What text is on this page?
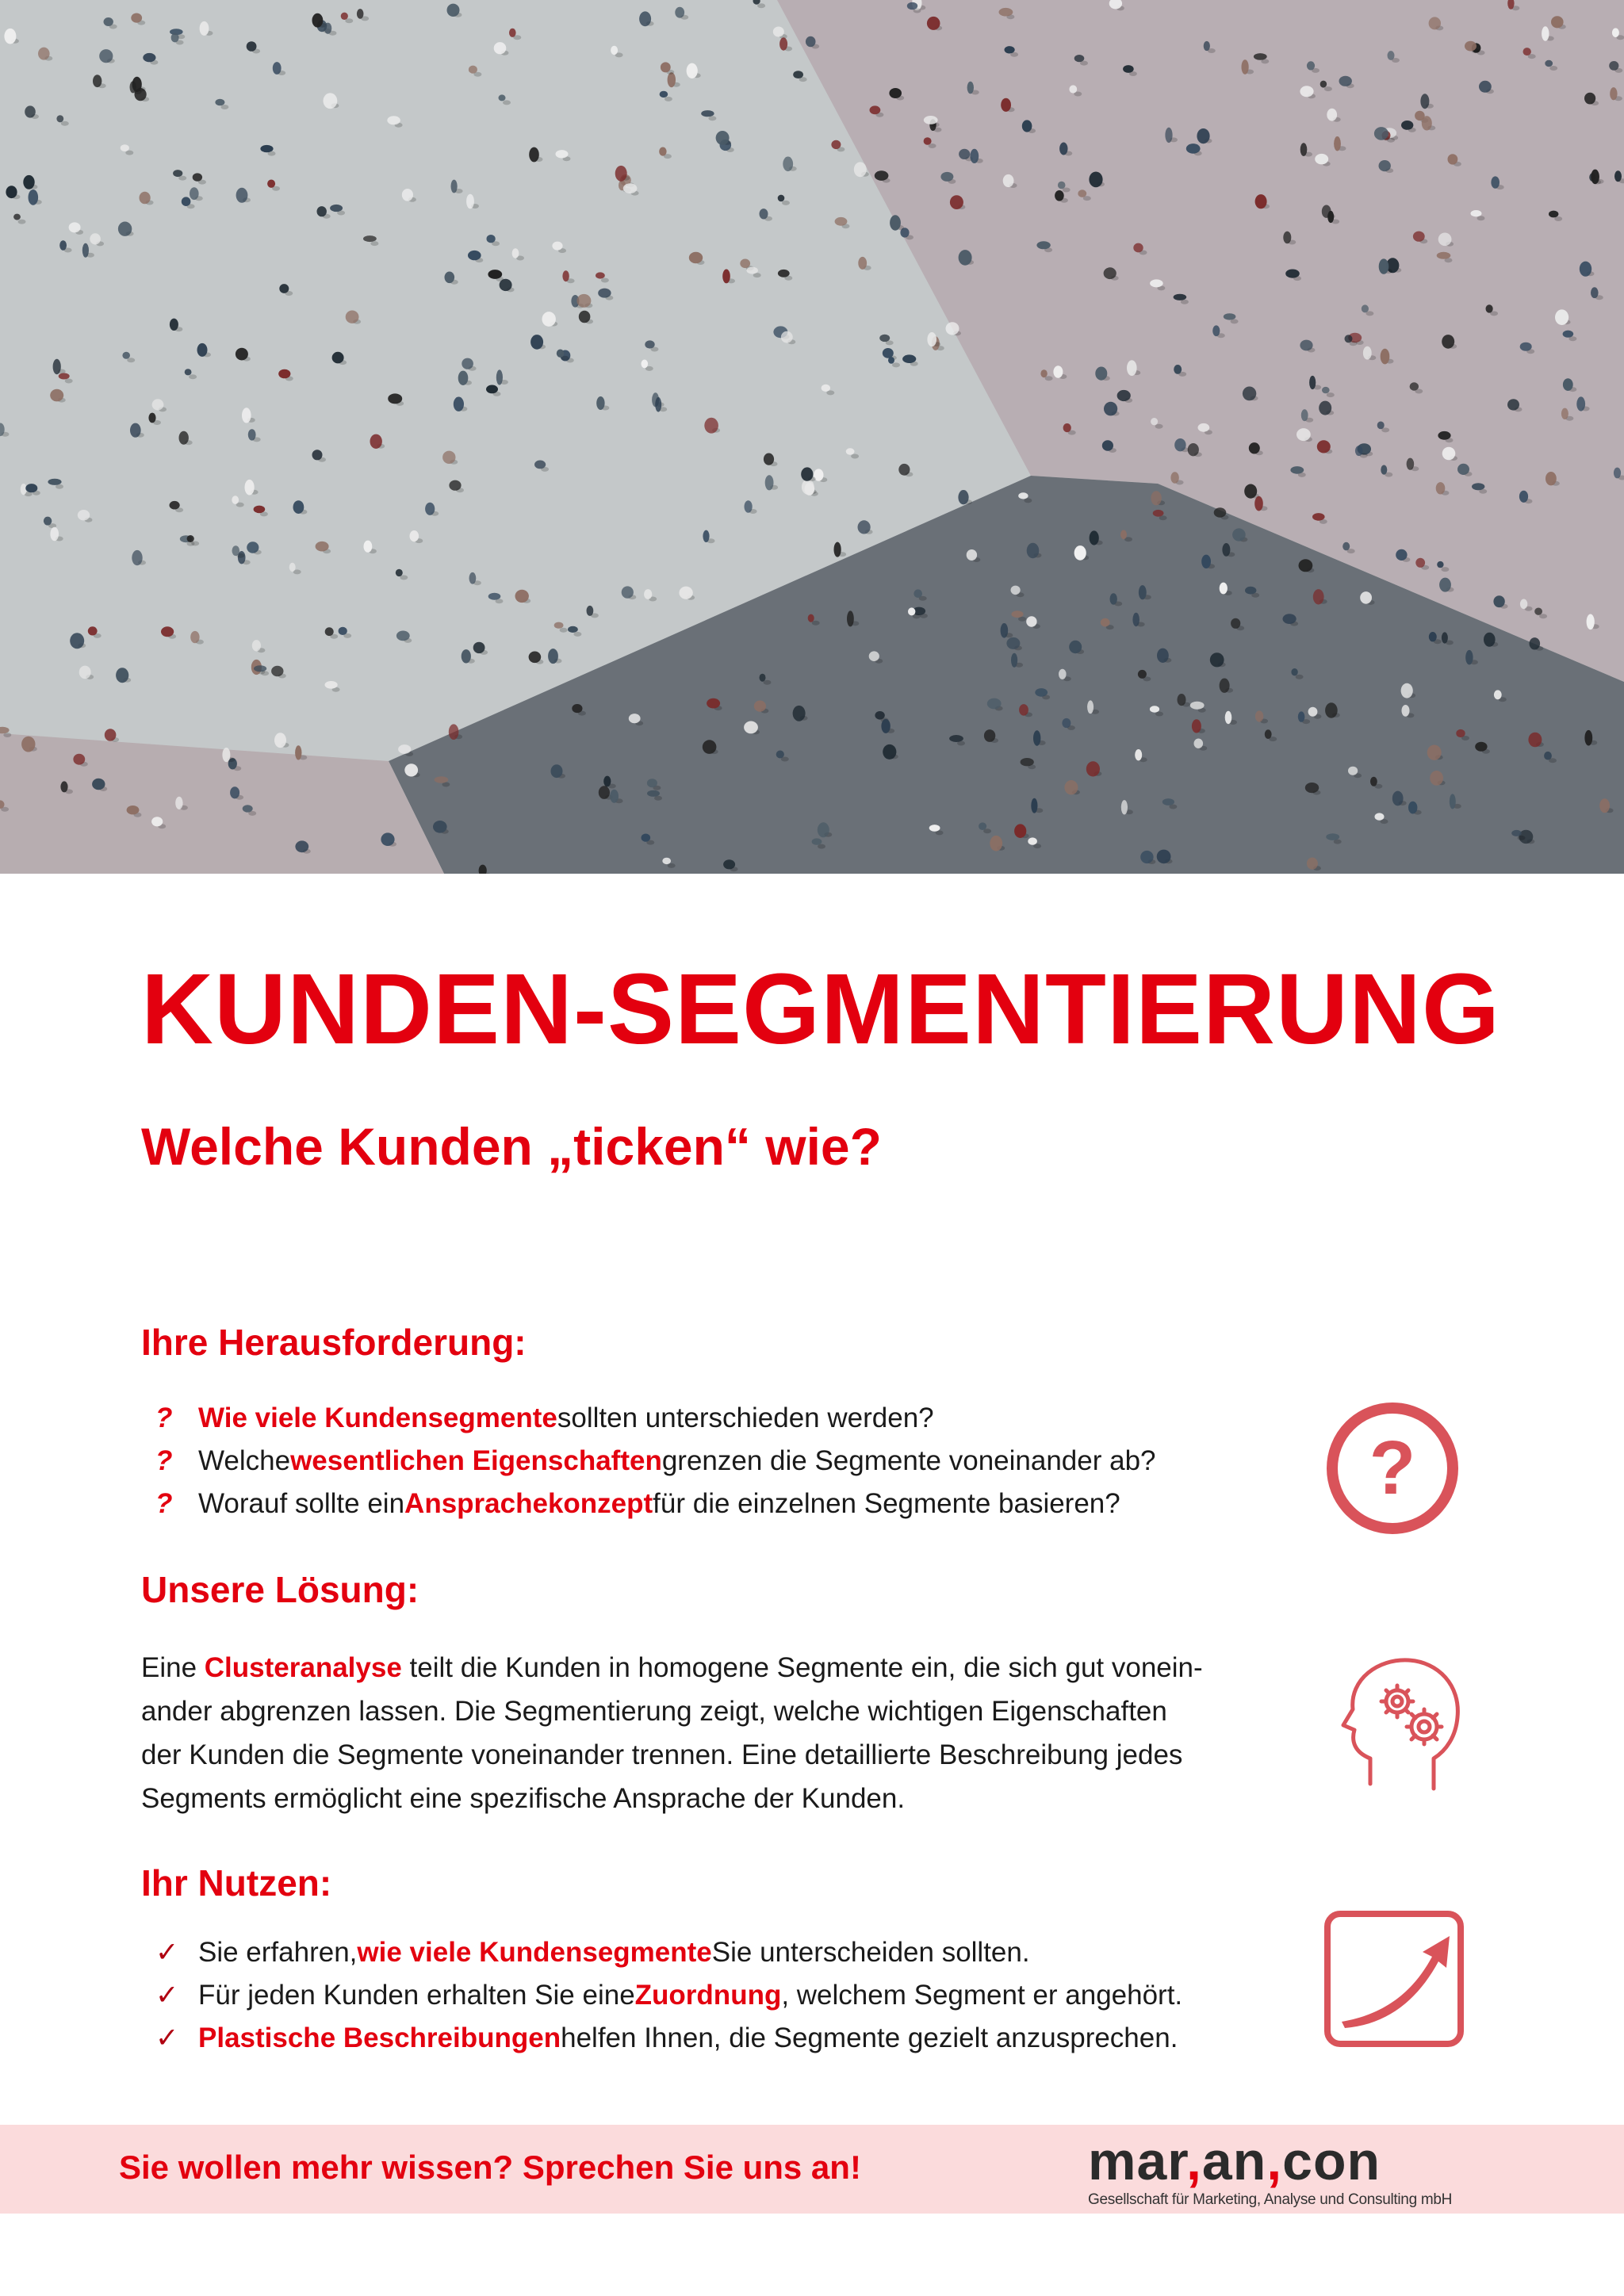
KUNDEN-SEGMENTIERUNG
Welche Kunden „ticken“ wie?
Ihre Herausforderung:
? Wie viele Kundensegmente sollten unterschieden werden?
? Welche wesentlichen Eigenschaften grenzen die Segmente voneinander ab?
? Worauf sollte ein Ansprachekonzept für die einzelnen Segmente basieren?	?
Unsere Lösung:
Eine Clusteranalyse teilt die Kunden in homogene Segmente ein, die sich gut vonein-
ander abgrenzen lassen. Die Segmentierung zeigt, welche wichtigen Eigenschaften
der Kunden die Segmente voneinander trennen. Eine detaillierte Beschreibung jedes
Segments ermöglicht eine spezifische Ansprache der Kunden.
Ihr Nutzen:
✓ Sie erfahren, wie viele Kundensegmente Sie unterscheiden sollten.
✓ Für jeden Kunden erhalten Sie eine Zuordnung , welchem Segment er angehört.
✓ Plastische Beschreibungen helfen Ihnen, die Segmente gezielt anzusprechen.

Sie wollen mehr wissen? Sprechen Sie uns an!	mar,an,con
Gesellschaft für Marketing, Analyse und Consulting mbH
